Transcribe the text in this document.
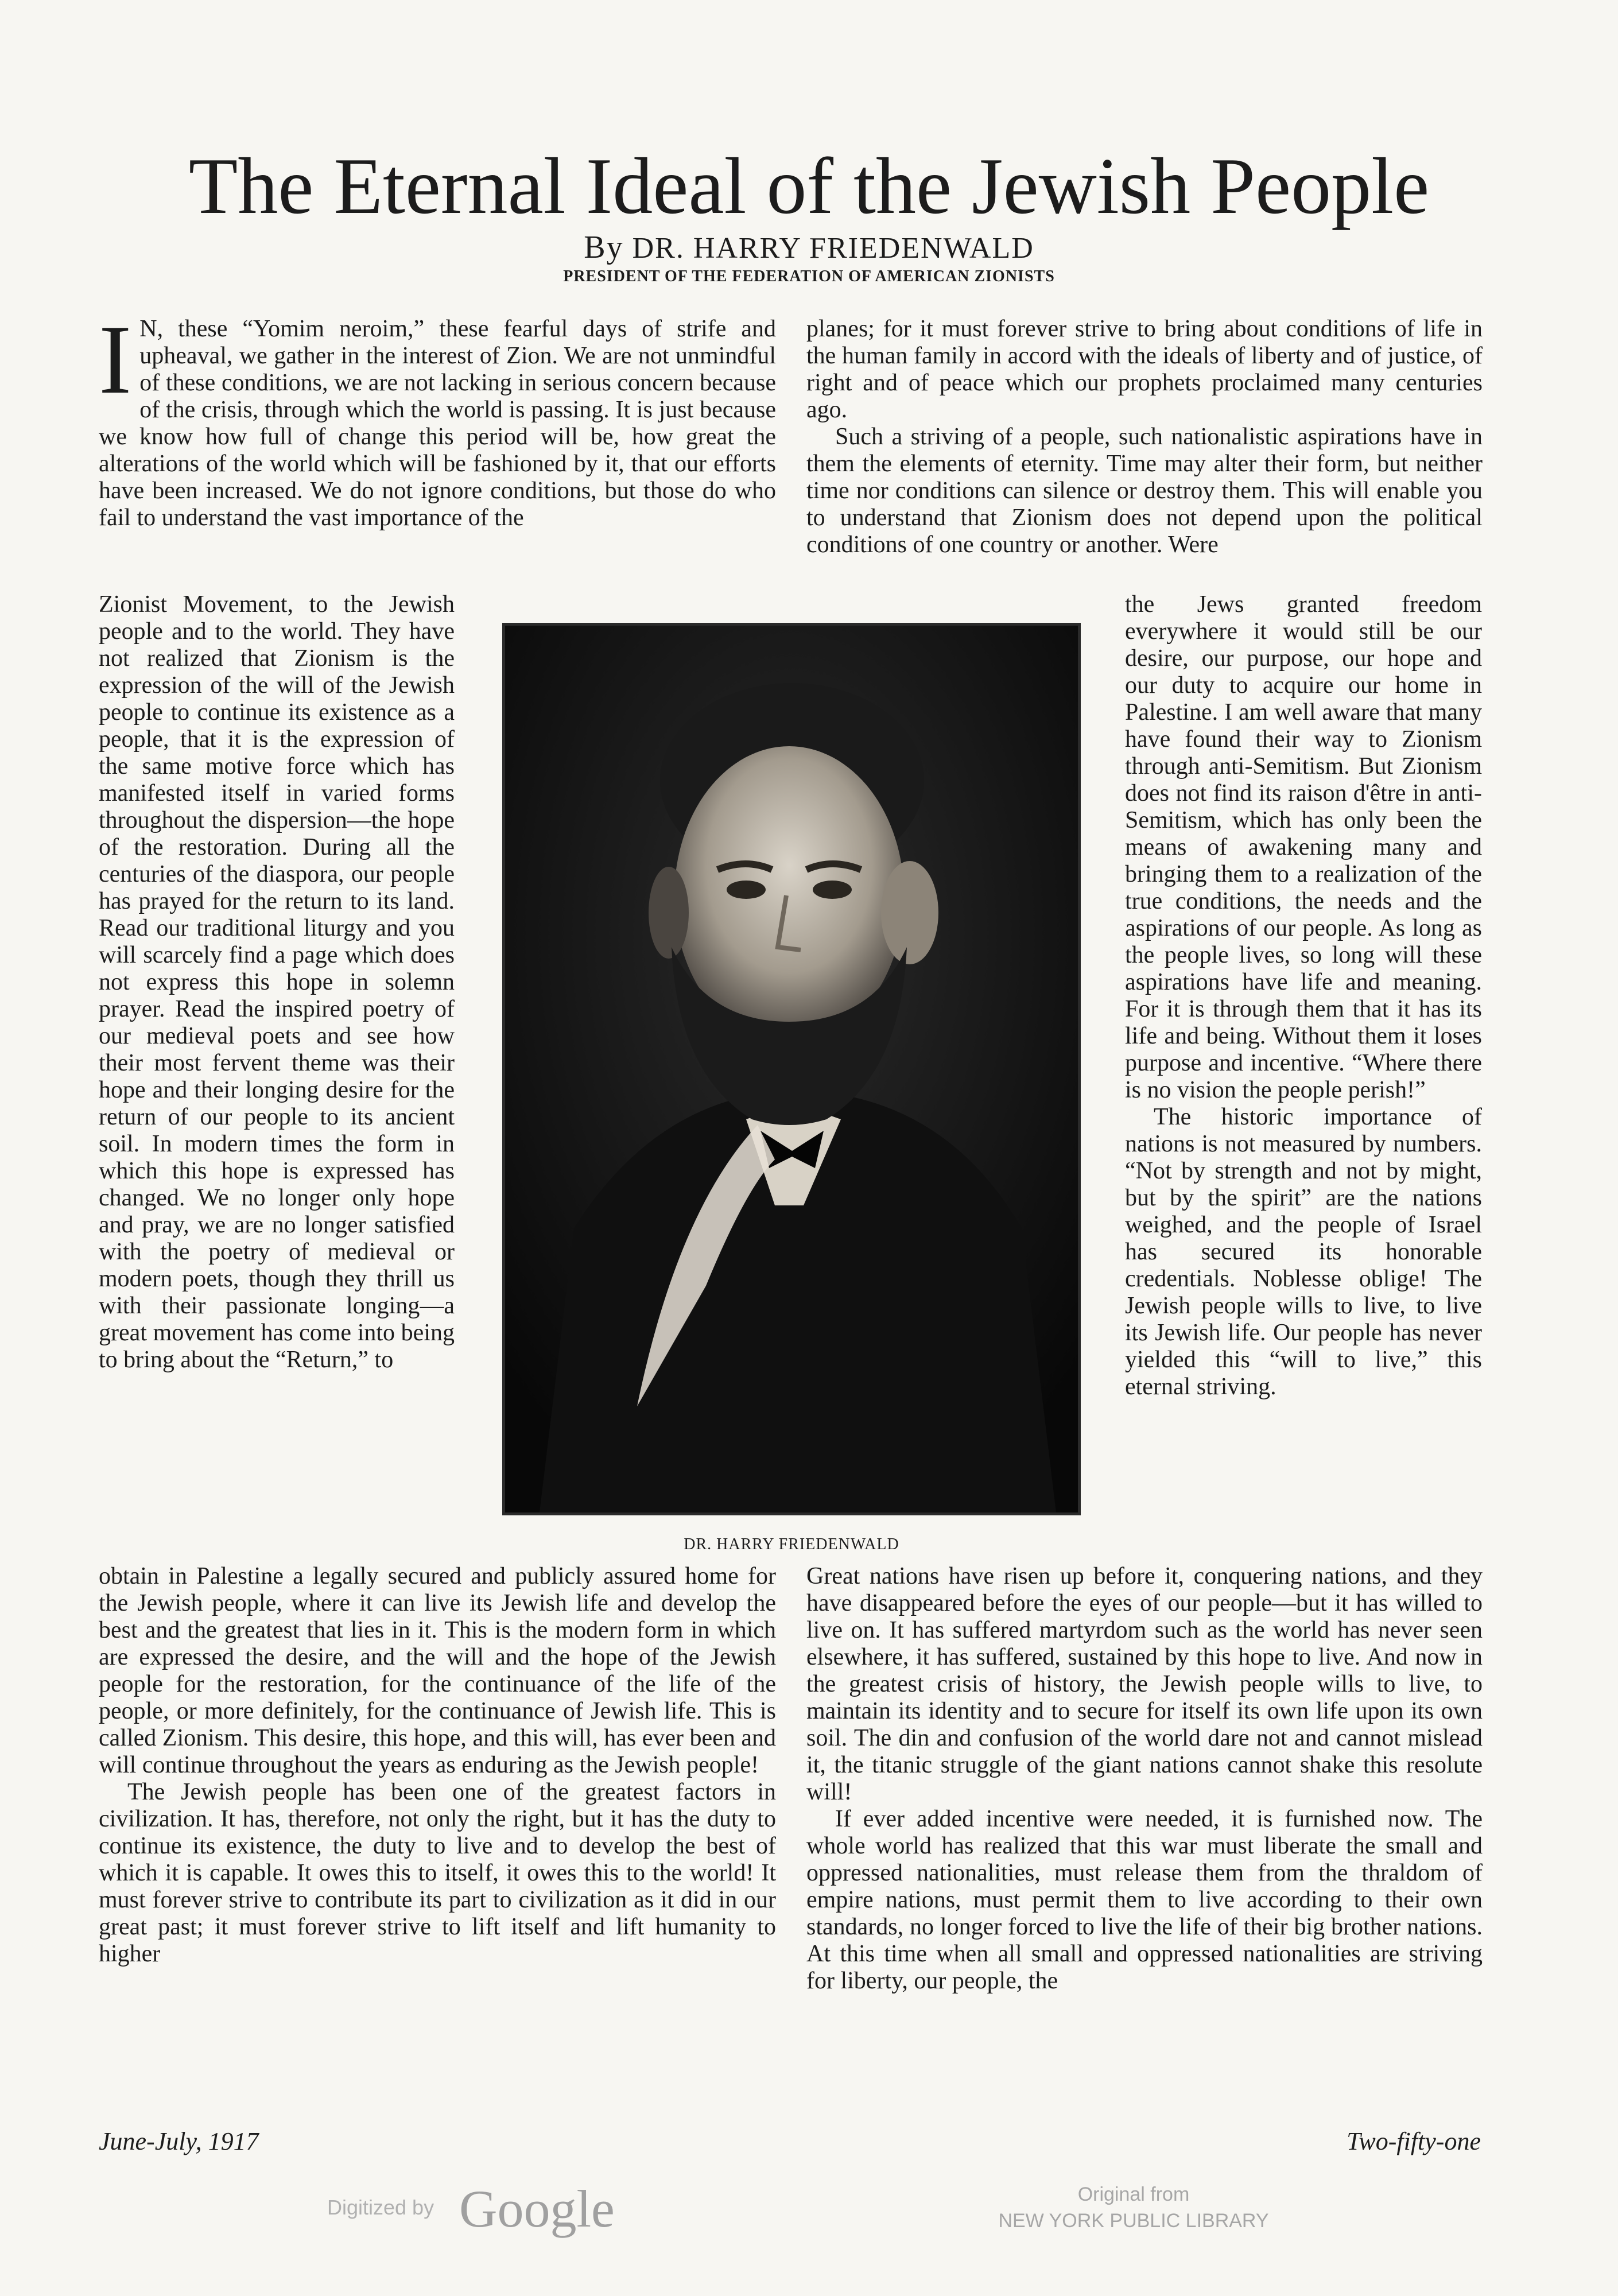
The Eternal Ideal of the Jewish People
By DR. HARRY FRIEDENWALD
PRESIDENT OF THE FEDERATION OF AMERICAN ZIONISTS

I N, these “Yomim neroim,” these fearful days of strife and upheaval, we gather in the interest of Zion. We are not unmindful of these conditions, we are not lacking in serious concern because of the crisis, through which the world is passing. It is just because we know how full of change this period will be, how great the alterations of the world which will be fashioned by it, that our efforts have been increased. We do not ignore conditions, but those do who fail to understand the vast importance of the

planes; for it must forever strive to bring about conditions of life in the human family in accord with the ideals of liberty and of justice, of right and of peace which our prophets proclaimed many centuries ago.

Such a striving of a people, such nationalistic aspirations have in them the elements of eternity. Time may alter their form, but neither time nor conditions can silence or destroy them. This will enable you to understand that Zionism does not depend upon the political conditions of one country or another. Were

Zionist Movement, to the Jewish people and to the world. They have not realized that Zionism is the expression of the will of the Jewish people to continue its existence as a people, that it is the expression of the same motive force which has manifested itself in varied forms throughout the dispersion—the hope of the restoration. During all the centuries of the diaspora, our people has prayed for the return to its land. Read our traditional liturgy and you will scarcely find a page which does not express this hope in solemn prayer. Read the inspired poetry of our medieval poets and see how their most fervent theme was their hope and their longing desire for the return of our people to its ancient soil. In modern times the form in which this hope is expressed has changed. We no longer only hope and pray, we are no longer satisfied with the poetry of medieval or modern poets, though they thrill us with their passionate longing—a great movement has come into being to bring about the “Return,” to

DR. HARRY FRIEDENWALD

the Jews granted freedom everywhere it would still be our desire, our purpose, our hope and our duty to acquire our home in Palestine. I am well aware that many have found their way to Zionism through anti-Semitism. But Zionism does not find its raison d'être in anti-Semitism, which has only been the means of awakening many and bringing them to a realization of the true conditions, the needs and the aspirations of our people. As long as the people lives, so long will these aspirations have life and meaning. For it is through them that it has its life and being. Without them it loses purpose and incentive. “Where there is no vision the people perish!”

The historic importance of nations is not measured by numbers. “Not by strength and not by might, but by the spirit” are the nations weighed, and the people of Israel has secured its honorable credentials. Noblesse oblige! The Jewish people wills to live, to live its Jewish life. Our people has never yielded this “will to live,” this eternal striving.

obtain in Palestine a legally secured and publicly assured home for the Jewish people, where it can live its Jewish life and develop the best and the greatest that lies in it. This is the modern form in which are expressed the desire, and the will and the hope of the Jewish people for the restoration, for the continuance of the life of the people, or more definitely, for the continuance of Jewish life. This is called Zionism. This desire, this hope, and this will, has ever been and will continue throughout the years as enduring as the Jewish people!

The Jewish people has been one of the greatest factors in civilization. It has, therefore, not only the right, but it has the duty to continue its existence, the duty to live and to develop the best of which it is capable. It owes this to itself, it owes this to the world! It must forever strive to contribute its part to civilization as it did in our great past; it must forever strive to lift itself and lift humanity to higher

Great nations have risen up before it, conquering nations, and they have disappeared before the eyes of our people—but it has willed to live on. It has suffered martyrdom such as the world has never seen elsewhere, it has suffered, sustained by this hope to live. And now in the greatest crisis of history, the Jewish people wills to live, to maintain its identity and to secure for itself its own life upon its own soil. The din and confusion of the world dare not and cannot mislead it, the titanic struggle of the giant nations cannot shake this resolute will!

If ever added incentive were needed, it is furnished now. The whole world has realized that this war must liberate the small and oppressed nationalities, must release them from the thraldom of empire nations, must permit them to live according to their own standards, no longer forced to live the life of their big brother nations. At this time when all small and oppressed nationalities are striving for liberty, our people, the

June-July, 1917	Two-fifty-one
Digitized by Google	Original from
NEW YORK PUBLIC LIBRARY
